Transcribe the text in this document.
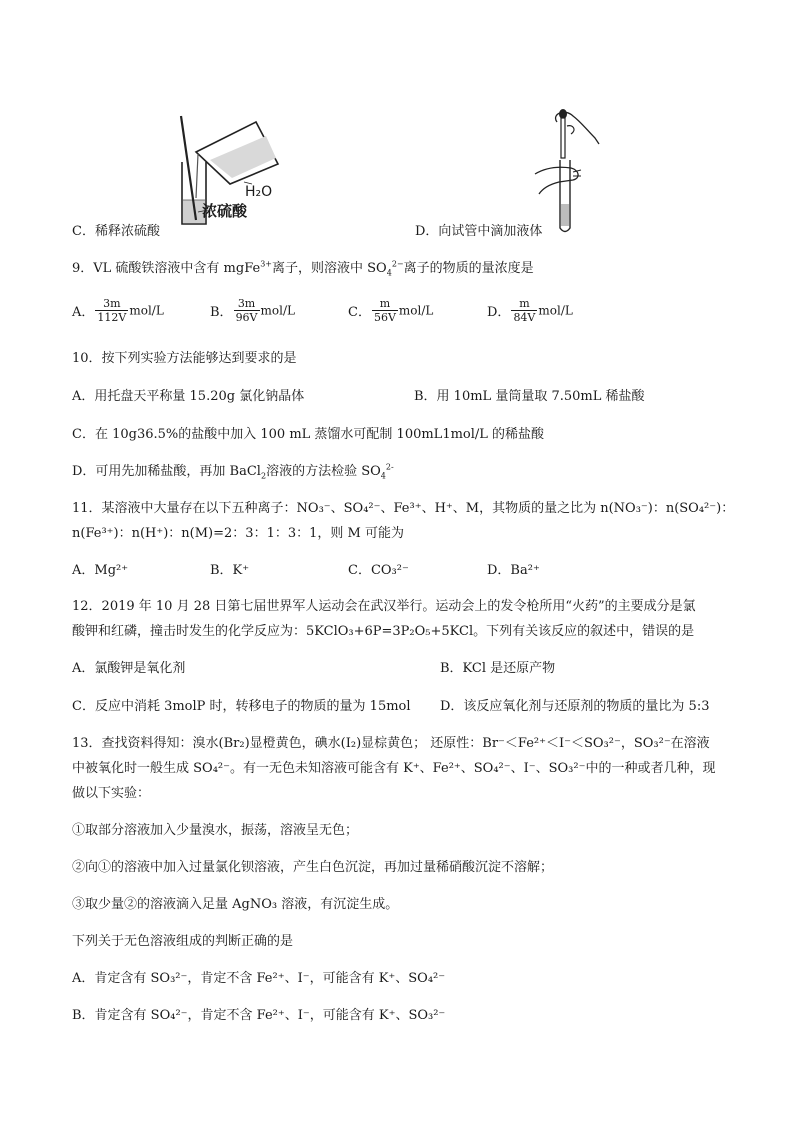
H₂O
浓硫酸
C．稀释浓硫酸	D．向试管中滴加液体
9．VL 硫酸铁溶液中含有 mgFe$^{3+}$离子，则溶液中 $SO_4^{2-}$离子的物质的量浓度是
A． $\frac{3m}{112V} mol/L$	B． $\frac{3m}{96V} mol/L$	C． $\frac{m}{56V} mol/L$	D． $\frac{m}{84V} mol/L$
10．按下列实验方法能够达到要求的是
A．用托盘天平称量 15.20g 氯化钠晶体	B．用 10mL 量筒量取 7.50mL 稀盐酸
C．在 10g36.5%的盐酸中加入 100 mL 蒸馏水可配制 100mL1mol/L 的稀盐酸
D．可用先加稀盐酸，再加 BaCl$_2$溶液的方法检验 $SO_4^{2-}$
11．某溶液中大量存在以下五种离子：NO₃⁻、SO₄²⁻、Fe³⁺、H⁺、M，其物质的量之比为 n(NO₃⁻)：n(SO₄²⁻)：
n(Fe³⁺)：n(H⁺)：n(M)=2：3：1：3：1，则 M 可能为
A．Mg²⁺	B．K⁺	C．CO₃²⁻	D．Ba²⁺
12．2019 年 10 月 28 日第七届世界军人运动会在武汉举行。运动会上的发令枪所用“火药”的主要成分是氯
酸钾和红磷，撞击时发生的化学反应为：5KClO₃+6P=3P₂O₅+5KCl。下列有关该反应的叙述中，错误的是
A．氯酸钾是氧化剂	B．KCl 是还原产物
C．反应中消耗 3molP 时，转移电子的物质的量为 15mol D．该反应氧化剂与还原剂的物质的量比为 5:3
13．查找资料得知：溴水(Br₂)显橙黄色，碘水(I₂)显棕黄色； 还原性：Br⁻＜Fe²⁺＜I⁻＜SO₃²⁻，SO₃²⁻在溶液
中被氧化时一般生成 SO₄²⁻。有一无色未知溶液可能含有 K⁺、Fe²⁺、SO₄²⁻、I⁻、SO₃²⁻中的一种或者几种，现
做以下实验：
①取部分溶液加入少量溴水，振荡，溶液呈无色；
②向①的溶液中加入过量氯化钡溶液，产生白色沉淀，再加过量稀硝酸沉淀不溶解；
③取少量②的溶液滴入足量 AgNO₃ 溶液，有沉淀生成。
下列关于无色溶液组成的判断正确的是
A．肯定含有 SO₃²⁻，肯定不含 Fe²⁺、I⁻，可能含有 K⁺、SO₄²⁻
B．肯定含有 SO₄²⁻，肯定不含 Fe²⁺、I⁻，可能含有 K⁺、SO₃²⁻
